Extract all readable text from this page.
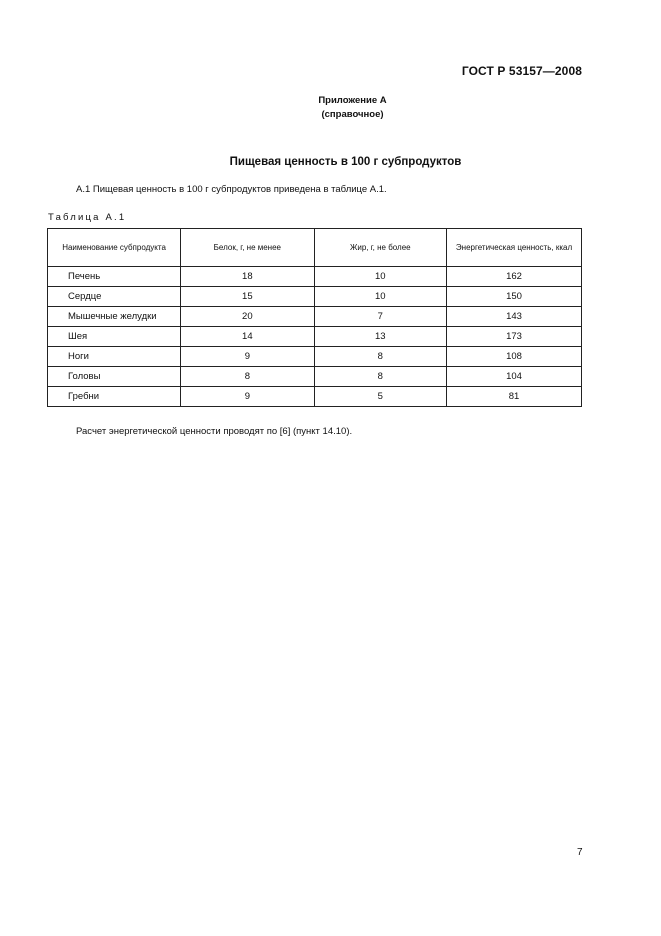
ГОСТ Р 53157—2008
Приложение А
(справочное)
Пищевая ценность в 100 г субпродуктов
А.1 Пищевая ценность в 100 г субпродуктов приведена в таблице А.1.
Таблица А.1
Наименование субпродукта	Белок, г, не менее	Жир, г, не более	Энергетическая ценность, ккал
Печень	18	10	162
Сердце	15	10	150
Мышечные желудки	20	7	143
Шея	14	13	173
Ноги	9	8	108
Головы	8	8	104
Гребни	9	5	81
Расчет энергетической ценности проводят по [6] (пункт 14.10).
7
